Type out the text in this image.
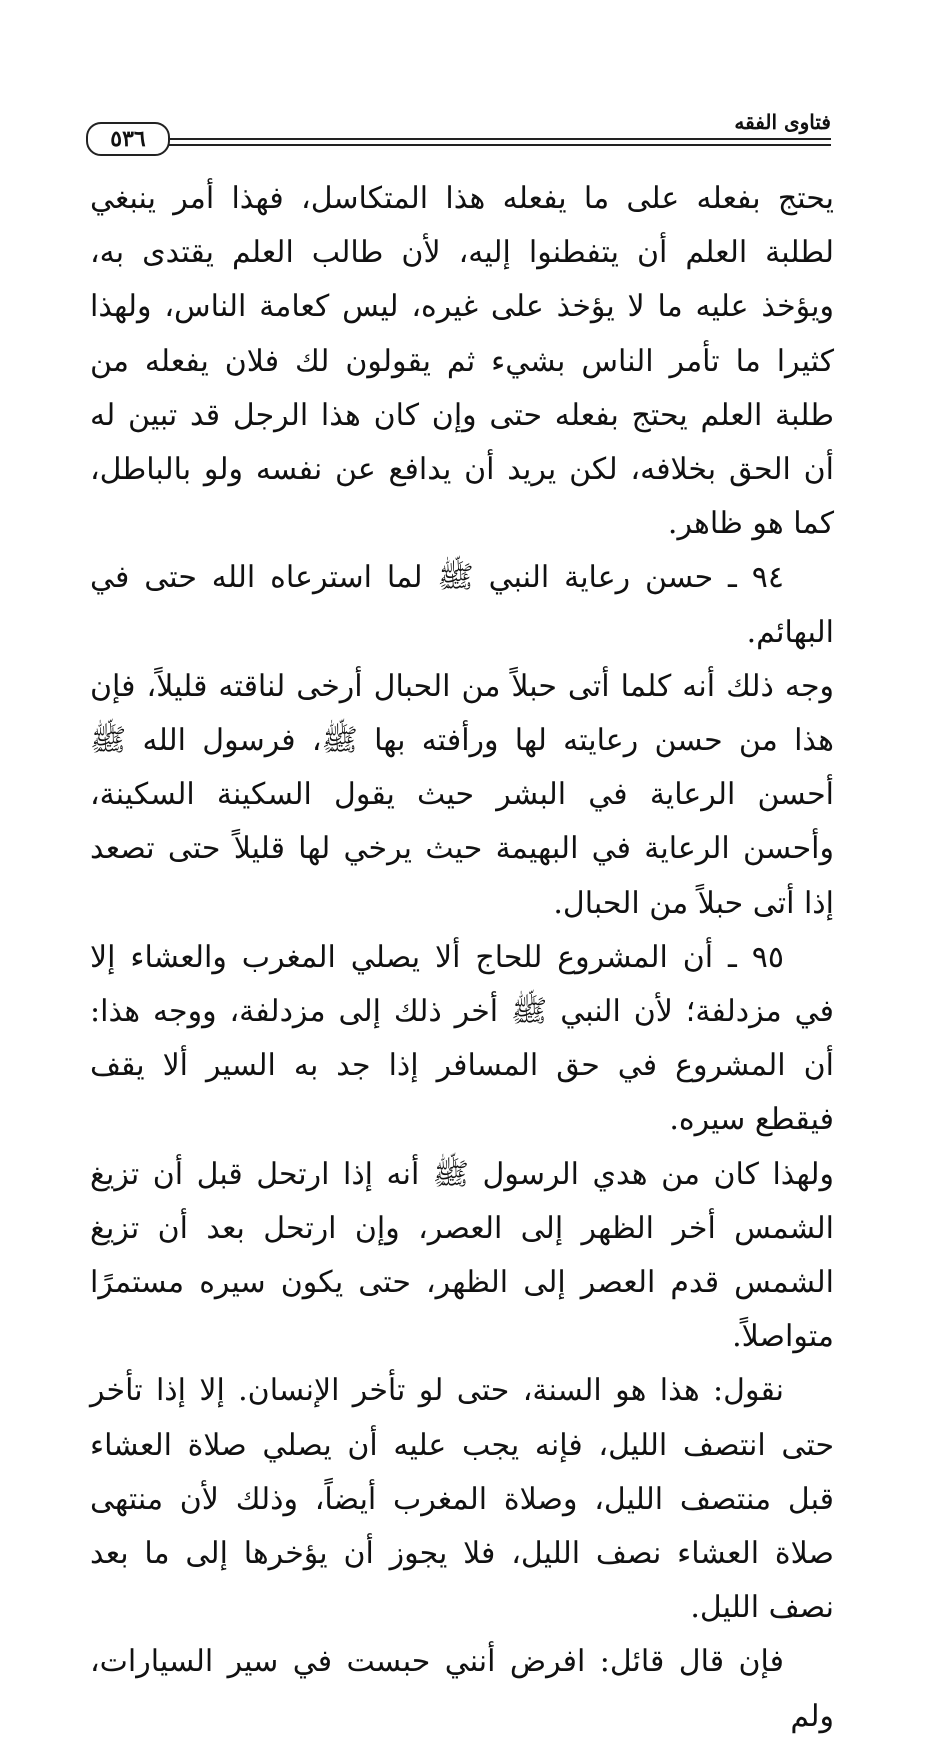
٥٣٦
فتاوى الفقه

يحتج بفعله على ما يفعله هذا المتكاسل، فهذا أمر ينبغي لطلبة العلم أن يتفطنوا إليه، لأن طالب العلم يقتدى به، ويؤخذ عليه ما لا يؤخذ على غيره، ليس كعامة الناس، ولهذا كثيرا ما تأمر الناس بشيء ثم يقولون لك فلان يفعله من طلبة العلم يحتج بفعله حتى وإن كان هذا الرجل قد تبين له أن الحق بخلافه، لكن يريد أن يدافع عن نفسه ولو بالباطل، كما هو ظاهر.

٩٤ ـ حسن رعاية النبي ﷺ لما استرعاه الله حتى في البهائم.

وجه ذلك أنه كلما أتى حبلاً من الحبال أرخى لناقته قليلاً، فإن هذا من حسن رعايته لها ورأفته بها ﷺ، فرسول الله ﷺ أحسن الرعاية في البشر حيث يقول السكينة السكينة، وأحسن الرعاية في البهيمة حيث يرخي لها قليلاً حتى تصعد إذا أتى حبلاً من الحبال.

٩٥ ـ أن المشروع للحاج ألا يصلي المغرب والعشاء إلا في مزدلفة؛ لأن النبي ﷺ أخر ذلك إلى مزدلفة، ووجه هذا: أن المشروع في حق المسافر إذا جد به السير ألا يقف فيقطع سيره.

ولهذا كان من هدي الرسول ﷺ أنه إذا ارتحل قبل أن تزيغ الشمس أخر الظهر إلى العصر، وإن ارتحل بعد أن تزيغ الشمس قدم العصر إلى الظهر، حتى يكون سيره مستمرًا متواصلاً.

نقول: هذا هو السنة، حتى لو تأخر الإنسان. إلا إذا تأخر حتى انتصف الليل، فإنه يجب عليه أن يصلي صلاة العشاء قبل منتصف الليل، وصلاة المغرب أيضاً، وذلك لأن منتهى صلاة العشاء نصف الليل، فلا يجوز أن يؤخرها إلى ما بعد نصف الليل.

فإن قال قائل: افرض أنني حبست في سير السيارات، ولم
